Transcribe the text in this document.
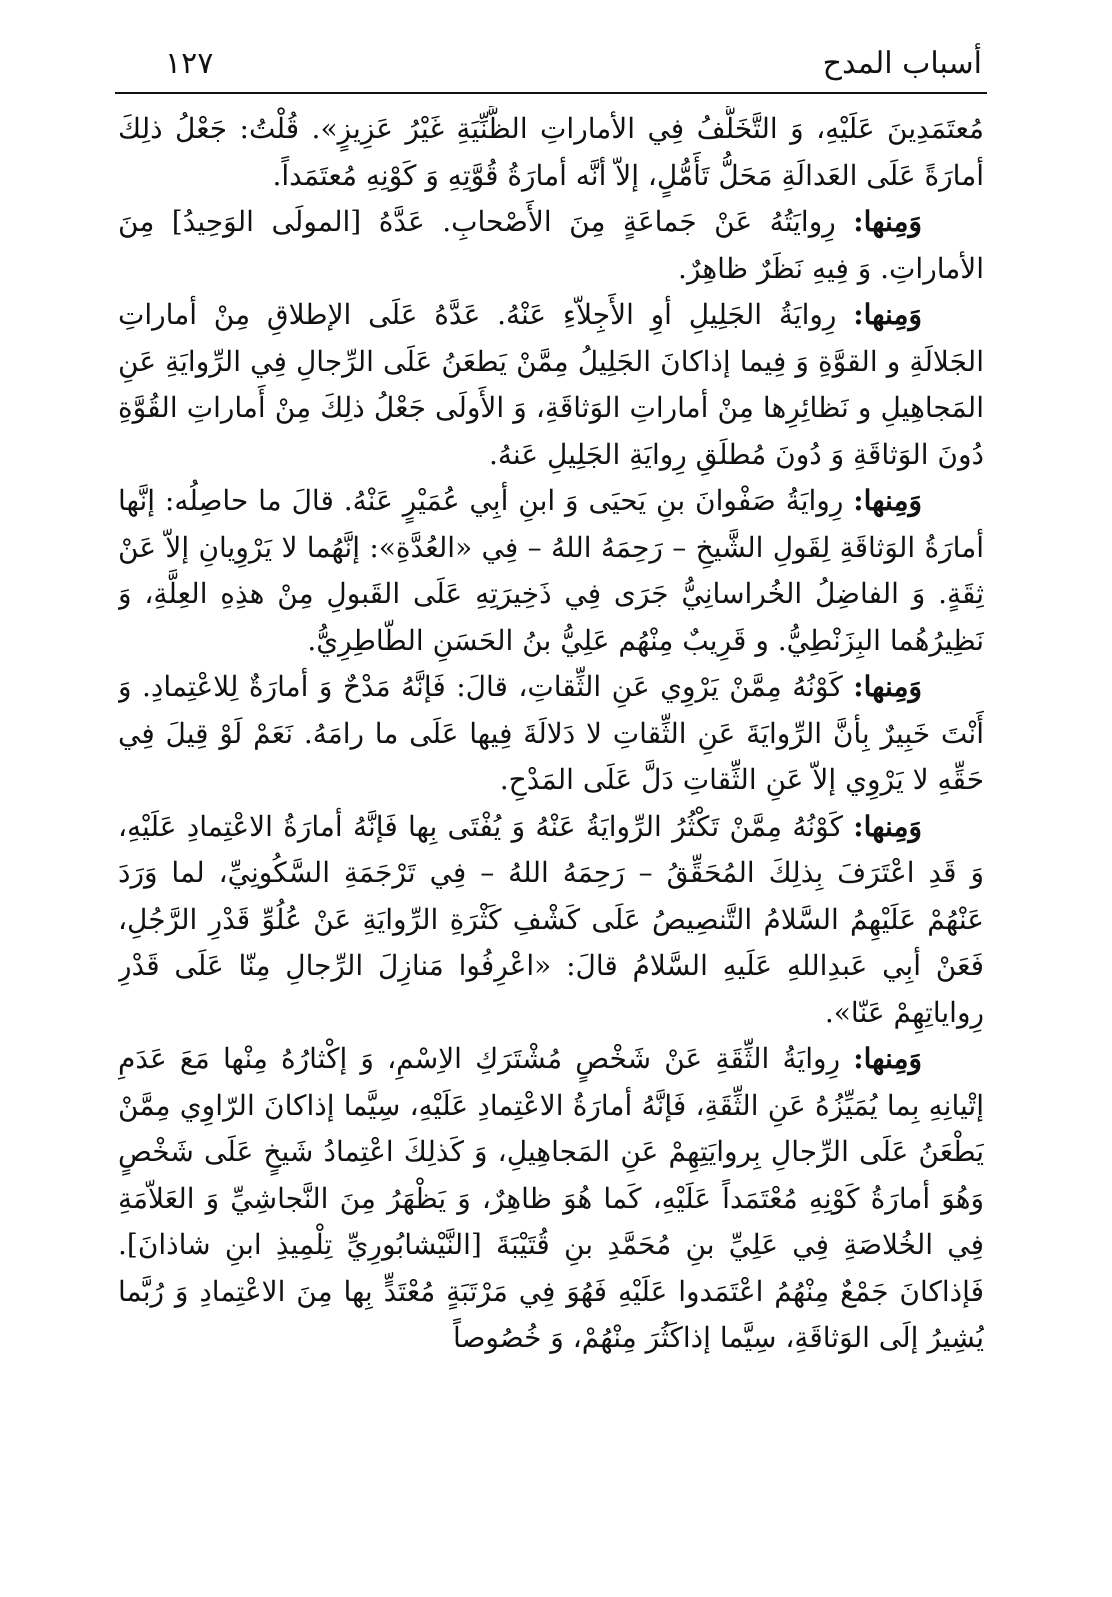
أسباب المدح
١٢٧

مُعتَمَدِينَ عَلَيْهِ، وَ التَّخَلُّفُ فِي الأماراتِ الظَّنِّيَةِ غَيْرُ عَزِيزٍ». قُلْتُ: جَعْلُ ذلِكَ أمارَةً عَلَى العَدالَةِ مَحَلُّ تَأَمُّلٍ، إلاّ أنَّه أمارَةُ قُوَّتِهِ وَ كَوْنِهِ مُعتَمَداً.

وَمِنها: رِوايَتُهُ عَنْ جَماعَةٍ مِنَ الأَصْحابِ. عَدَّهُ [المولَى الوَحِيدُ] مِنَ الأماراتِ. وَ فِيهِ نَظَرٌ ظاهِرٌ.

وَمِنها: رِوايَةُ الجَلِيلِ أوِ الأَجِلاّءِ عَنْهُ. عَدَّهُ عَلَى الإطلاقِ مِنْ أماراتِ الجَلالَةِ و القوَّةِ وَ فِيما إذاكانَ الجَلِيلُ مِمَّنْ يَطعَنُ عَلَى الرِّجالِ فِي الرِّوايَةِ عَنِ المَجاهِيلِ و نَظائِرِها مِنْ أماراتِ الوَثاقَةِ، وَ الأَولَى جَعْلُ ذلِكَ مِنْ أَماراتِ القُوَّةِ دُونَ الوَثاقَةِ وَ دُونَ مُطلَقِ رِوايَةِ الجَلِيلِ عَنهُ.

وَمِنها: رِوايَةُ صَفْوانَ بنِ يَحيَى وَ ابنِ أبِي عُمَيْرٍ عَنْهُ. قالَ ما حاصِلُه: إنَّها أمارَةُ الوَثاقَةِ لِقَولِ الشَّيخِ – رَحِمَهُ اللهُ – فِي «العُدَّةِ»: إنَّهُما لا يَرْوِيانِ إلاّ عَنْ ثِقَةٍ. وَ الفاضِلُ الخُراسانِيُّ جَرَى فِي ذَخِيرَتِهِ عَلَى القَبولِ مِنْ هذِهِ العِلَّةِ، وَ نَظِيرُهُما البِزَنْطِيُّ. و قَرِيبٌ مِنْهُم عَلِيُّ بنُ الحَسَنِ الطّاطِرِيُّ.

وَمِنها: كَوْنُهُ مِمَّنْ يَرْوِي عَنِ الثِّقاتِ، قالَ: فَإنَّهُ مَدْحٌ وَ أمارَةٌ لِلاعْتِمادِ. وَ أَنْتَ خَبِيرٌ بِأنَّ الرِّوايَةَ عَنِ الثِّقاتِ لا دَلالَةَ فِيها عَلَى ما رامَهُ. نَعَمْ لَوْ قِيلَ فِي حَقِّهِ لا يَرْوِي إلاّ عَنِ الثِّقاتِ دَلَّ عَلَى المَدْحِ.

وَمِنها: كَوْنُهُ مِمَّنْ تَكْثُرُ الرِّوايَةُ عَنْهُ وَ يُفْتَى بِها فَإنَّهُ أمارَةُ الاعْتِمادِ عَلَيْهِ، وَ قَدِ اعْتَرَفَ بِذلِكَ المُحَقِّقُ – رَحِمَهُ اللهُ – فِي تَرْجَمَةِ السَّكُونِيِّ، لما وَرَدَ عَنْهُمْ عَلَيْهِمُ السَّلامُ التَّنصِيصُ عَلَى كَشْفِ كَثْرَةِ الرِّوايَةِ عَنْ عُلُوِّ قَدْرِ الرَّجُلِ، فَعَنْ أبِي عَبدِاللهِ عَلَيهِ السَّلامُ قالَ: «اعْرِفُوا مَنازِلَ الرِّجالِ مِنّا عَلَى قَدْرِ رِواياتِهِمْ عَنّا».

وَمِنها: رِوايَةُ الثِّقَةِ عَنْ شَخْصٍ مُشْتَرَكِ الاِسْمِ، وَ إكْثارُهُ مِنْها مَعَ عَدَمِ إتْيانِهِ بِما يُمَيِّزُهُ عَنِ الثِّقَةِ، فَإنَّهُ أمارَةُ الاعْتِمادِ عَلَيْهِ، سِيَّما إذاكانَ الرّاوِي مِمَّنْ يَطْعَنُ عَلَى الرِّجالِ بِروايَتِهِمْ عَنِ المَجاهِيلِ، وَ كَذلِكَ اعْتِمادُ شَيخٍ عَلَى شَخْصٍ وَهُوَ أمارَةُ كَوْنِهِ مُعْتَمَداً عَلَيْهِ، كَما هُوَ ظاهِرٌ، وَ يَظْهَرُ مِنَ النَّجاشِيِّ وَ العَلاّمَةِ فِي الخُلاصَةِ فِي عَلِيِّ بنِ مُحَمَّدِ بنِ قُتَيْبَةَ [النَّيْشابُورِيِّ تِلْمِيذِ ابنِ شاذانَ]. فَإذاكانَ جَمْعٌ مِنْهُمُ اعْتَمَدوا عَلَيْهِ فَهُوَ فِي مَرْتَبَةٍ مُعْتَدٍّ بِها مِنَ الاعْتِمادِ وَ رُبَّما يُشِيرُ إلَى الوَثاقَةِ، سِيَّما إذاكَثُرَ مِنْهُمْ، وَ خُصُوصاً
